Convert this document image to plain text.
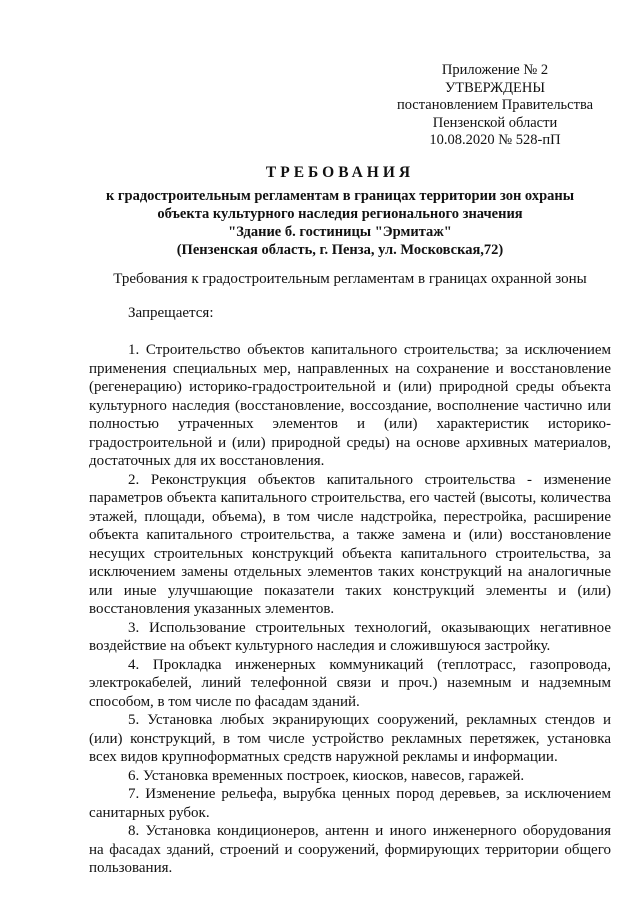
Приложение № 2
УТВЕРЖДЕНЫ
постановлением Правительства
Пензенской области
10.08.2020 № 528-пП
ТРЕБОВАНИЯ
к градостроительным регламентам в границах территории зон охраны
объекта культурного наследия регионального значения
"Здание б. гостиницы "Эрмитаж"
(Пензенская область, г. Пенза, ул. Московская,72)
Требования к градостроительным регламентам в границах охранной зоны
Запрещается:

1. Строительство объектов капитального строительства; за исключением применения специальных мер, направленных на сохранение и восстановление (регенерацию) историко-градостроительной и (или) природной среды объекта культурного наследия (восстановление, воссоздание, восполнение частично или полностью утраченных элементов и (или) характеристик историко-градостроительной и (или) природной среды) на основе архивных материалов, достаточных для их восстановления.

2. Реконструкция объектов капитального строительства - изменение параметров объекта капитального строительства, его частей (высоты, количества этажей, площади, объема), в том числе надстройка, перестройка, расширение объекта капитального строительства, а также замена и (или) восстановление несущих строительных конструкций объекта капитального строительства, за исключением замены отдельных элементов таких конструкций на аналогичные или иные улучшающие показатели таких конструкций элементы и (или) восстановления указанных элементов.

3. Использование строительных технологий, оказывающих негативное воздействие на объект культурного наследия и сложившуюся застройку.

4. Прокладка инженерных коммуникаций (теплотрасс, газопровода, электрокабелей, линий телефонной связи и проч.) наземным и надземным способом, в том числе по фасадам зданий.

5. Установка любых экранирующих сооружений, рекламных стендов и (или) конструкций, в том числе устройство рекламных перетяжек, установка всех видов крупноформатных средств наружной рекламы и информации.

6. Установка временных построек, киосков, навесов, гаражей.

7. Изменение рельефа, вырубка ценных пород деревьев, за исключением санитарных рубок.

8. Установка кондиционеров, антенн и иного инженерного оборудования на фасадах зданий, строений и сооружений, формирующих территории общего пользования.
